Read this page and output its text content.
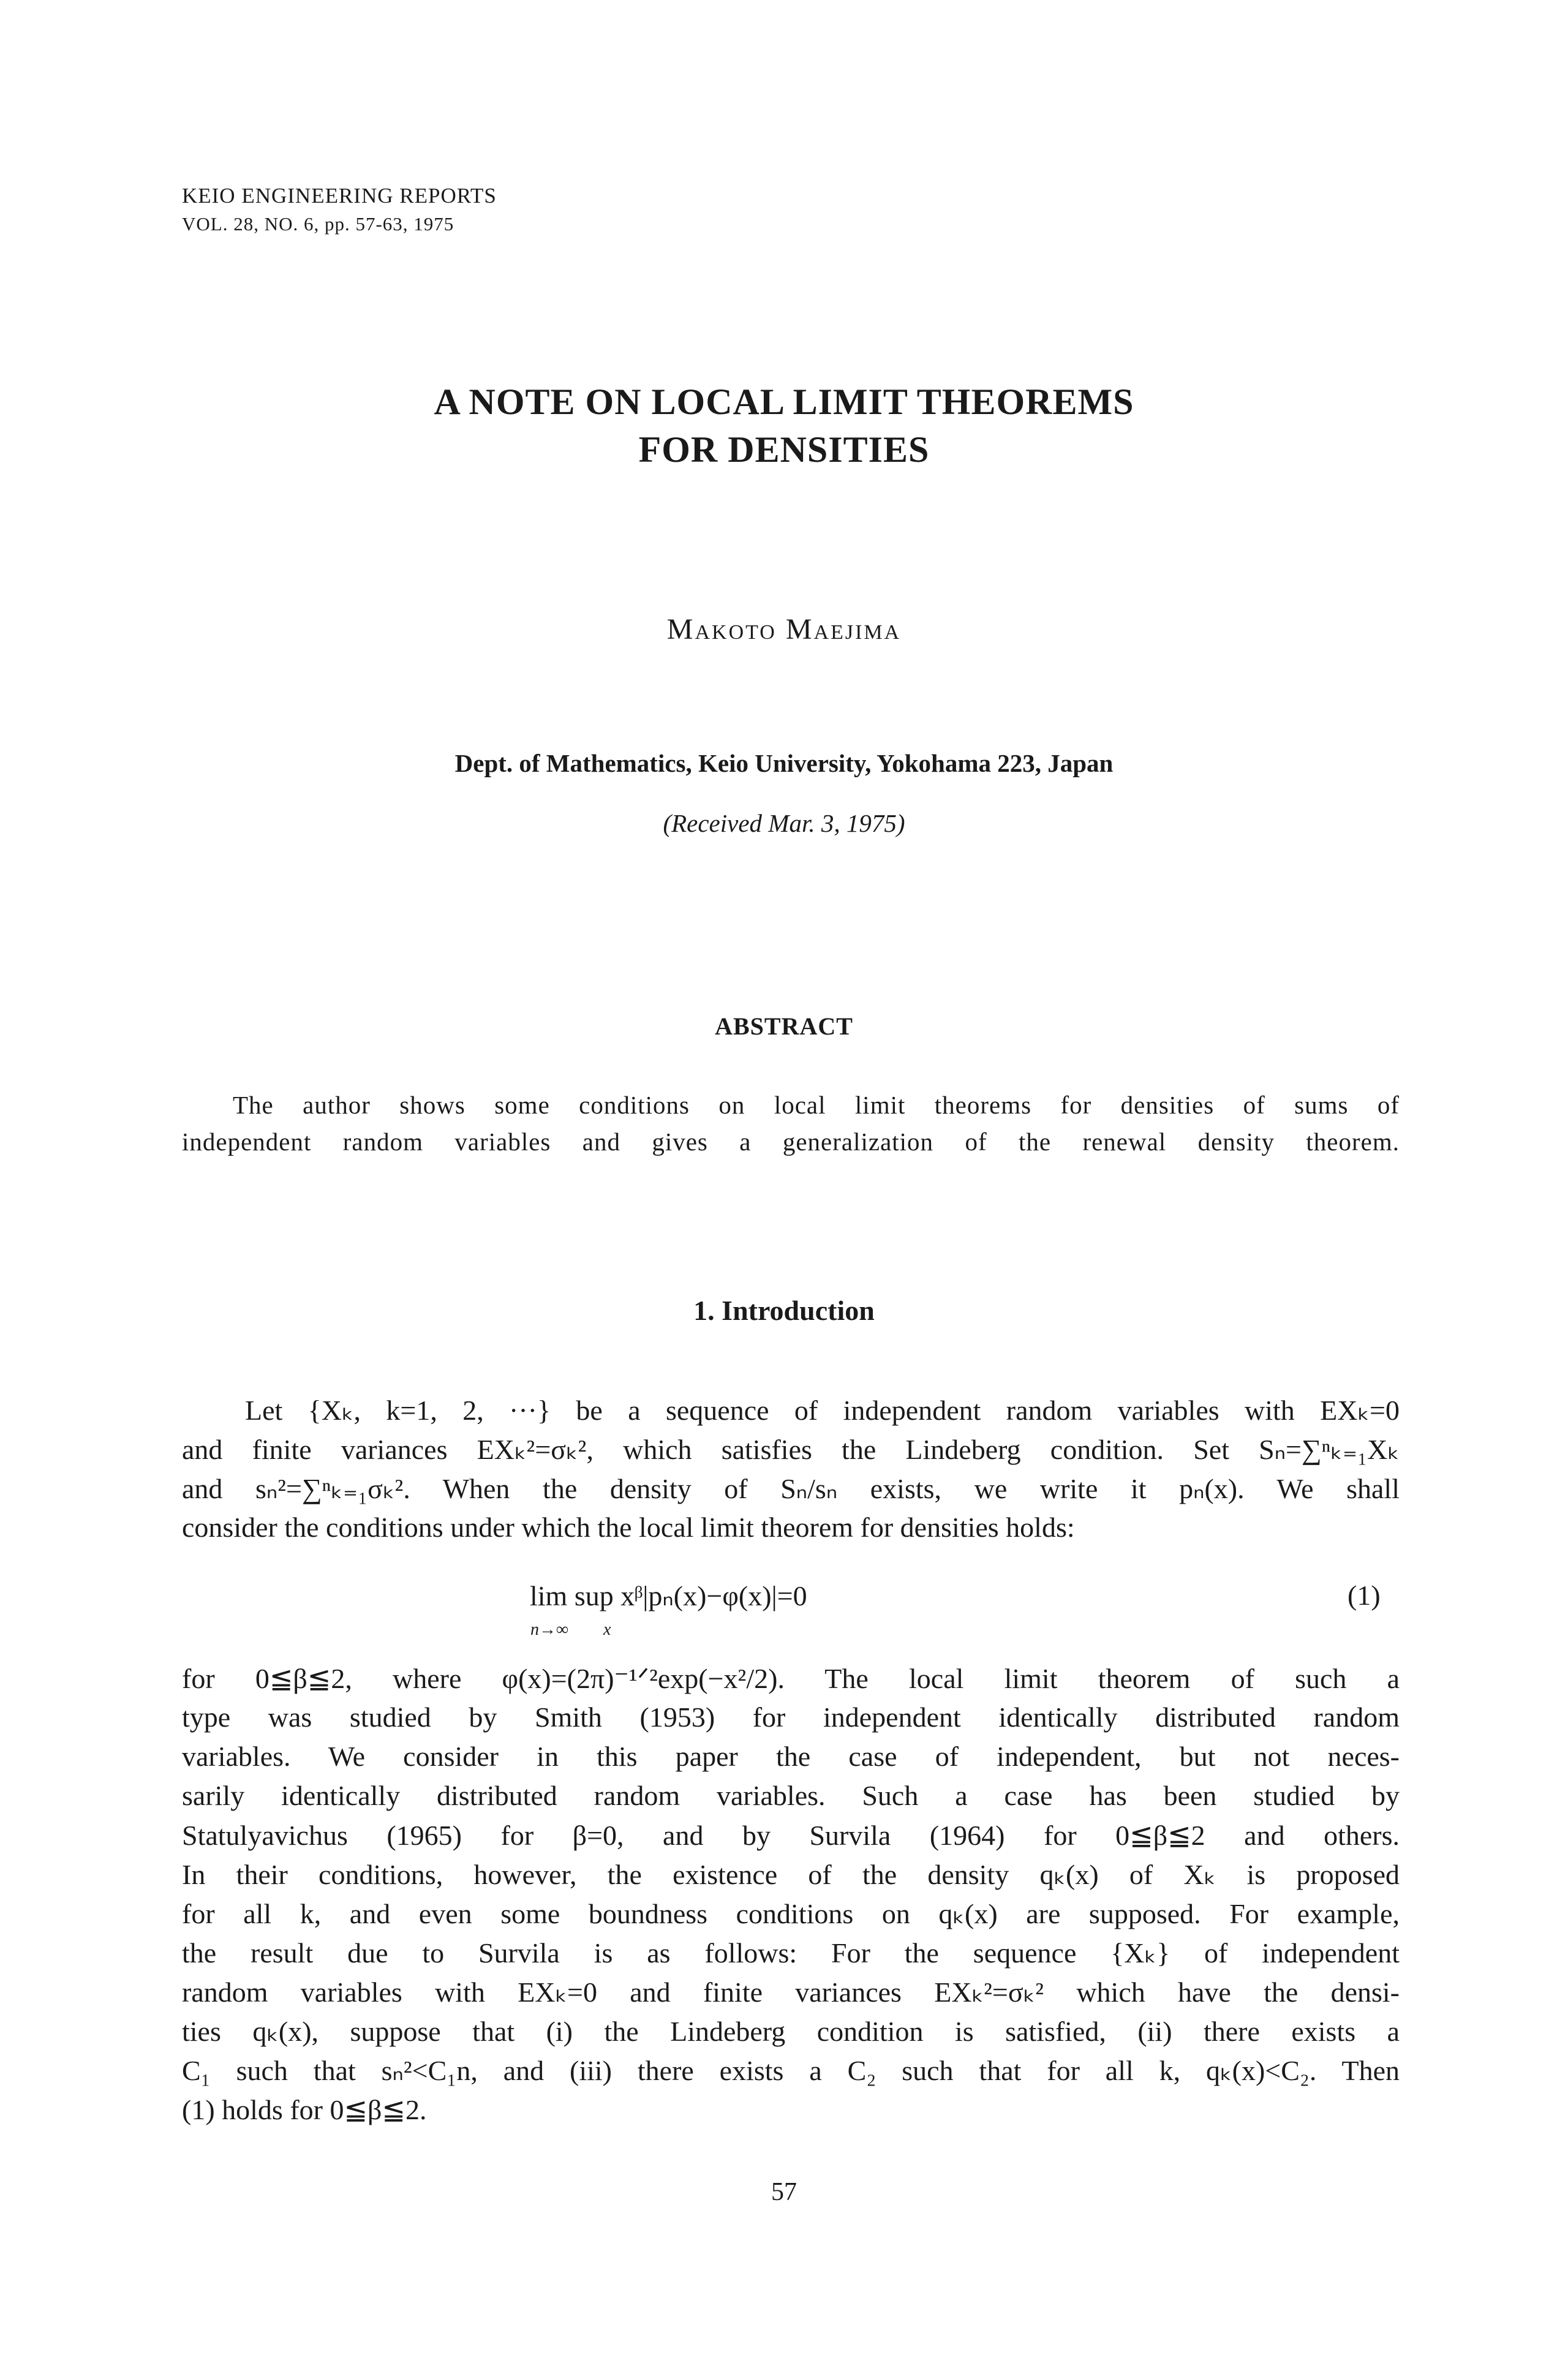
KEIO ENGINEERING REPORTS
VOL. 28, NO. 6, pp. 57-63, 1975
A NOTE ON LOCAL LIMIT THEOREMS
FOR DENSITIES
Makoto Maejima
Dept. of Mathematics, Keio University, Yokohama 223, Japan
(Received Mar. 3, 1975)
ABSTRACT
The author shows some conditions on local limit theorems for densities of sums of
independent random variables and gives a generalization of the renewal density theorem.
1. Introduction
Let {Xₖ, k=1, 2, ···} be a sequence of independent random variables with EXₖ=0
and finite variances EXₖ²=σₖ², which satisfies the Lindeberg condition. Set Sₙ=∑ⁿₖ₌₁Xₖ
and sₙ²=∑ⁿₖ₌₁σₖ². When the density of Sₙ/sₙ exists, we write it pₙ(x). We shall
consider the conditions under which the local limit theorem for densities holds:
lim sup xᵝ|pₙ(x)−φ(x)|=0
n→∞ x
(1)
for 0≦β≦2, where φ(x)=(2π)⁻¹ᐟ²exp(−x²/2). The local limit theorem of such a
type was studied by Smith (1953) for independent identically distributed random
variables. We consider in this paper the case of independent, but not neces-
sarily identically distributed random variables. Such a case has been studied by
Statulyavichus (1965) for β=0, and by Survila (1964) for 0≦β≦2 and others.
In their conditions, however, the existence of the density qₖ(x) of Xₖ is proposed
for all k, and even some boundness conditions on qₖ(x) are supposed. For example,
the result due to Survila is as follows: For the sequence {Xₖ} of independent
random variables with EXₖ=0 and finite variances EXₖ²=σₖ² which have the densi-
ties qₖ(x), suppose that (i) the Lindeberg condition is satisfied, (ii) there exists a
C₁ such that sₙ²<C₁n, and (iii) there exists a C₂ such that for all k, qₖ(x)<C₂. Then
(1) holds for 0≦β≦2.
57
